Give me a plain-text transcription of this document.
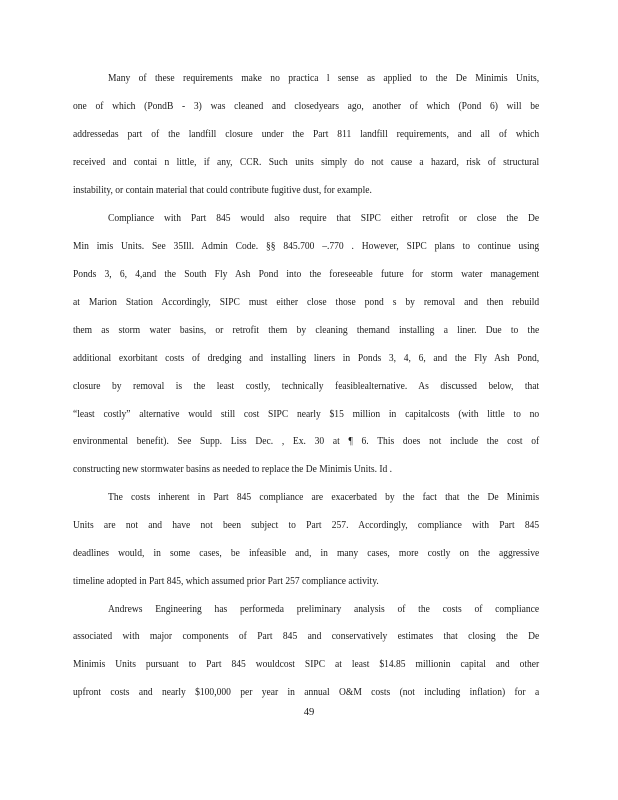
Many of these requirements make no practica l sense as applied to the De Minimis Units,
one of which (PondB - 3) was cleaned and closedyears ago, another of which (Pond 6) will be
addressedas part of the landfill closure under the Part 811 landfill requirements, and all of which
received and contai n little, if any, CCR. Such units simply do not cause a hazard, risk of structural
instability, or contain material that could contribute fugitive dust, for example.
Compliance with Part 845 would also require that SIPC either retrofit or close the De
Min imis Units. See 35Ill. Admin Code. §§ 845.700 –.770 . However, SIPC plans to continue using
Ponds 3, 6, 4,and the South Fly Ash Pond into the foreseeable future for storm water management
at Marion Station Accordingly, SIPC must either close those pond s by removal and then rebuild
them as storm water basins, or retrofit them by cleaning themand installing a liner. Due to the
additional exorbitant costs of dredging and installing liners in Ponds 3, 4, 6, and the Fly Ash Pond,
closure by removal is the least costly, technically feasiblealternative. As discussed below, that
“least costly” alternative would still cost SIPC nearly $15 million in capitalcosts (with little to no
environmental benefit). See Supp. Liss Dec. , Ex. 30 at ¶ 6. This does not include the cost of
constructing new stormwater basins as needed to replace the De Minimis Units. Id .
The costs inherent in Part 845 compliance are exacerbated by the fact that the De Minimis
Units are not and have not been subject to Part 257. Accordingly, compliance with Part 845
deadlines would, in some cases, be infeasible and, in many cases, more costly on the aggressive
timeline adopted in Part 845, which assumed prior Part 257 compliance activity.
Andrews Engineering has performeda preliminary analysis of the costs of compliance
associated with major components of Part 845 and conservatively estimates that closing the De
Minimis Units pursuant to Part 845 wouldcost SIPC at least $14.85 millionin capital and other
upfront costs and nearly $100,000 per year in annual O&M costs (not including inflation) for a
49
